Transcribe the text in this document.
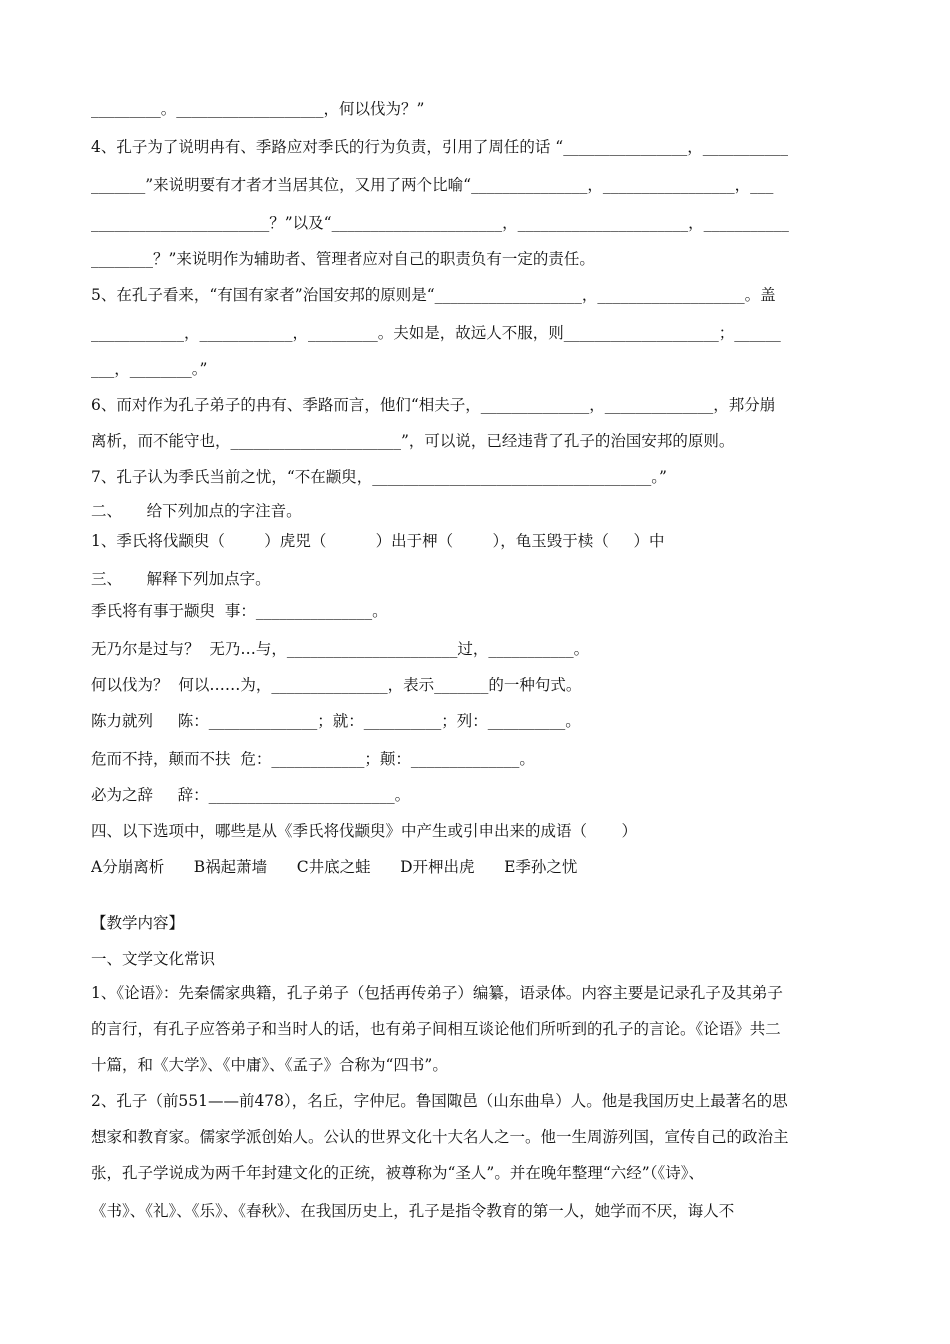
_________。___________________，何以伐为？”
4、孔子为了说明冉有、季路应对季氏的行为负责，引用了周任的话 “________________，___________
_______”来说明要有才者才当居其位，又用了两个比喻“_______________，_________________，___
_______________________？”以及“______________________，______________________，___________
________？”来说明作为辅助者、管理者应对自己的职责负有一定的责任。
5、在孔子看来，“有国有家者”治国安邦的原则是“___________________，___________________。盖
____________，____________，_________。夫如是，故远人不服，则____________________；______
___，________。”
6、而对作为孔子弟子的冉有、季路而言，他们“相夫子，______________，______________，邦分崩
离析，而不能守也，______________________”，可以说，已经违背了孔子的治国安邦的原则。
7、孔子认为季氏当前之忧，“不在颛臾，____________________________________。”
二、     给下列加点的字注音。
1、季氏将伐颛臾（        ）虎兕（          ）出于柙（        ），龟玉毁于椟（     ）中
三、     解释下列加点字。
季氏将有事于颛臾  事：_______________。
无乃尔是过与？  无乃…与，______________________过，___________。
何以伐为？  何以……为，_______________，表示_______的一种句式。
陈力就列     陈：______________；就：__________；列：__________。
危而不持，颠而不扶  危：____________；颠：______________。
必为之辞     辞：________________________。
四、以下选项中，哪些是从《季氏将伐颛臾》中产生或引申出来的成语（       ）
A分崩离析      B祸起萧墙      C井底之蛙      D开柙出虎      E季孙之忧
【教学内容】
一、文学文化常识
1、《论语》：先秦儒家典籍，孔子弟子（包括再传弟子）编纂，语录体。内容主要是记录孔子及其弟子
的言行，有孔子应答弟子和当时人的话，也有弟子间相互谈论他们所听到的孔子的言论。《论语》共二
十篇，和《大学》、《中庸》、《孟子》合称为“四书”。
2、孔子（前551——前478），名丘，字仲尼。鲁国陬邑（山东曲阜）人。他是我国历史上最著名的思
想家和教育家。儒家学派创始人。公认的世界文化十大名人之一。他一生周游列国，宣传自己的政治主
张，孔子学说成为两千年封建文化的正统，被尊称为“圣人”。并在晚年整理“六经”（《诗》、
《书》、《礼》、《乐》、《春秋》、在我国历史上，孔子是指令教育的第一人，她学而不厌，诲人不
